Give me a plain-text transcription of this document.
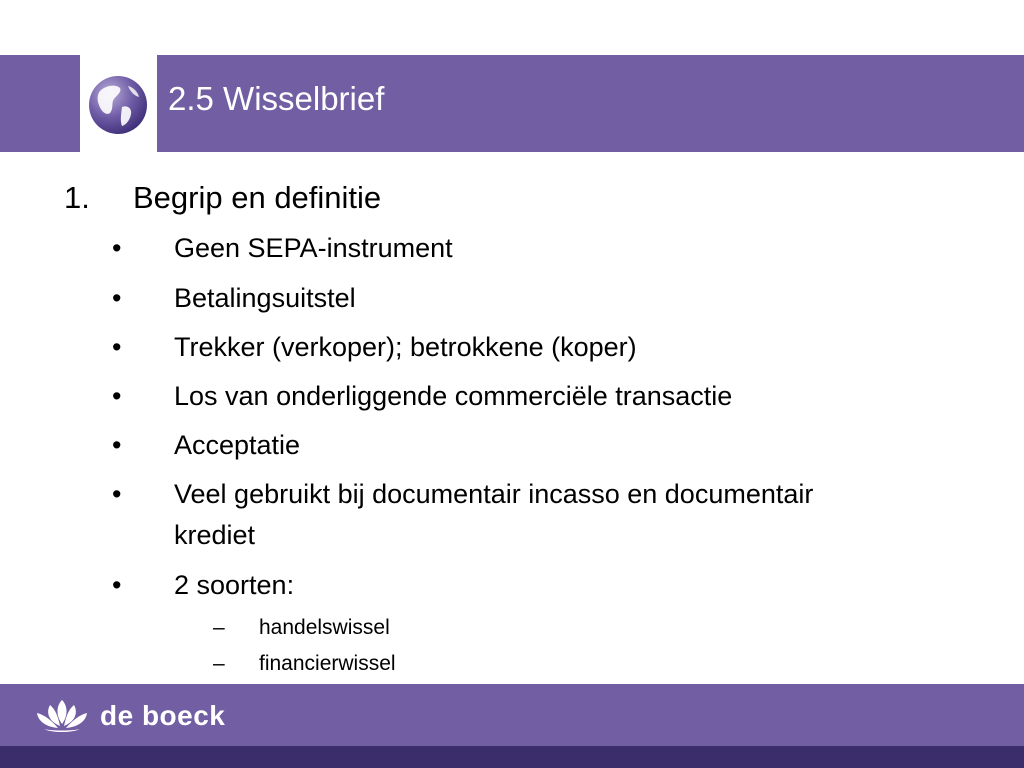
2.5 Wisselbrief
1. Begrip en definitie
• Geen SEPA-instrument
• Betalingsuitstel
• Trekker (verkoper); betrokkene (koper)
• Los van onderliggende commerciële transactie
• Acceptatie
• Veel gebruikt bij documentair incasso en documentair
krediet
• 2 soorten:
– handelswissel
– financierwissel
de boeck
